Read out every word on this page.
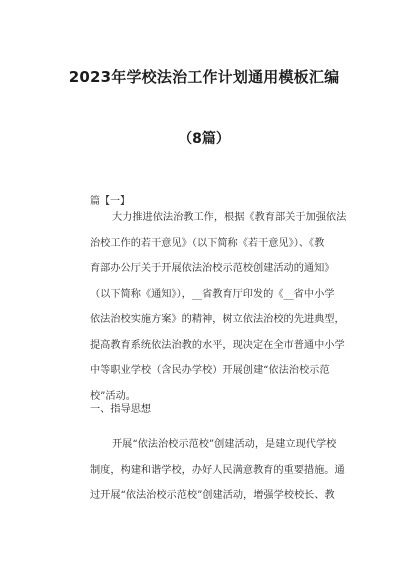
2023年学校法治工作计划通用模板汇编
（8篇）
篇【一】
大力推进依法治教工作，根据《教育部关于加强依法
治校工作的若干意见》（以下简称《若干意见》）、《教
育部办公厅关于开展依法治校示范校创建活动的通知》
（以下简称《通知》），__省教育厅印发的《__省中小学
依法治校实施方案》的精神，树立依法治校的先进典型，
提高教育系统依法治教的水平，现决定在全市普通中小学
中等职业学校（含民办学校）开展创建“依法治校示范
校”活动。
一、指导思想
开展“依法治校示范校”创建活动，是建立现代学校
制度，构建和谐学校，办好人民满意教育的重要措施。通
过开展“依法治校示范校”创建活动，增强学校校长、教
